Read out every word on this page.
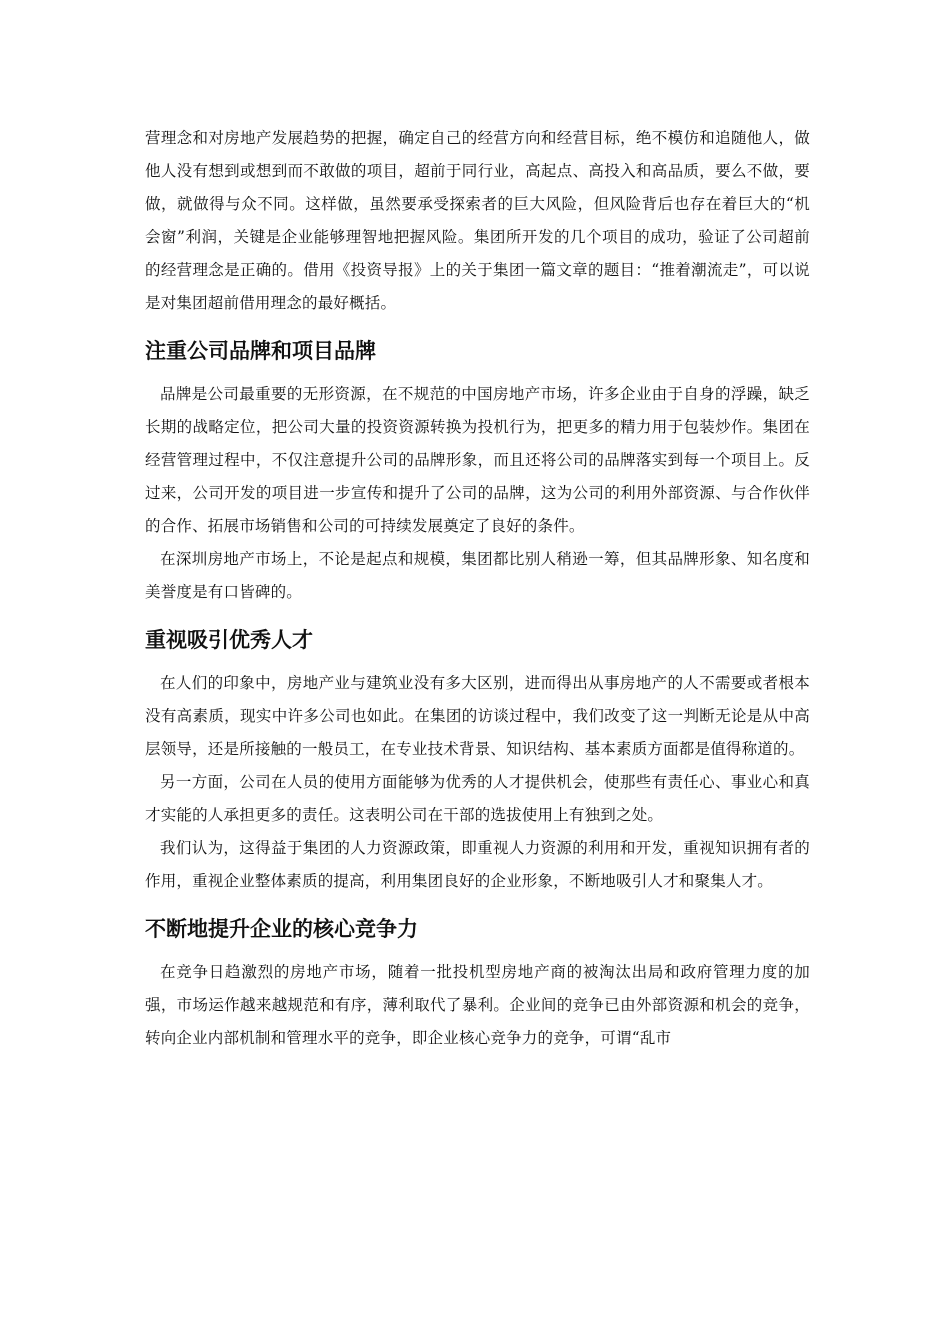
营理念和对房地产发展趋势的把握，确定自己的经营方向和经营目标，绝不模仿和追随他人，做他人没有想到或想到而不敢做的项目，超前于同行业，高起点、高投入和高品质，要么不做，要做，就做得与众不同。这样做，虽然要承受探索者的巨大风险，但风险背后也存在着巨大的“机会窗”利润，关键是企业能够理智地把握风险。集团所开发的几个项目的成功，验证了公司超前的经营理念是正确的。借用《投资导报》上的关于集团一篇文章的题目：“推着潮流走”，可以说是对集团超前借用理念的最好概括。

注重公司品牌和项目品牌

品牌是公司最重要的无形资源，在不规范的中国房地产市场，许多企业由于自身的浮躁，缺乏长期的战略定位，把公司大量的投资资源转换为投机行为，把更多的精力用于包装炒作。集团在经营管理过程中，不仅注意提升公司的品牌形象，而且还将公司的品牌落实到每一个项目上。反过来，公司开发的项目进一步宣传和提升了公司的品牌，这为公司的利用外部资源、与合作伙伴的合作、拓展市场销售和公司的可持续发展奠定了良好的条件。

在深圳房地产市场上，不论是起点和规模，集团都比别人稍逊一筹，但其品牌形象、知名度和美誉度是有口皆碑的。

重视吸引优秀人才

在人们的印象中，房地产业与建筑业没有多大区别，进而得出从事房地产的人不需要或者根本没有高素质，现实中许多公司也如此。在集团的访谈过程中，我们改变了这一判断无论是从中高层领导，还是所接触的一般员工，在专业技术背景、知识结构、基本素质方面都是值得称道的。

另一方面，公司在人员的使用方面能够为优秀的人才提供机会，使那些有责任心、事业心和真才实能的人承担更多的责任。这表明公司在干部的选拔使用上有独到之处。

我们认为，这得益于集团的人力资源政策，即重视人力资源的利用和开发，重视知识拥有者的作用，重视企业整体素质的提高，利用集团良好的企业形象，不断地吸引人才和聚集人才。

不断地提升企业的核心竞争力

在竞争日趋激烈的房地产市场，随着一批投机型房地产商的被淘汰出局和政府管理力度的加强，市场运作越来越规范和有序，薄利取代了暴利。企业间的竞争已由外部资源和机会的竞争，转向企业内部机制和管理水平的竞争，即企业核心竞争力的竞争，可谓“乱市
